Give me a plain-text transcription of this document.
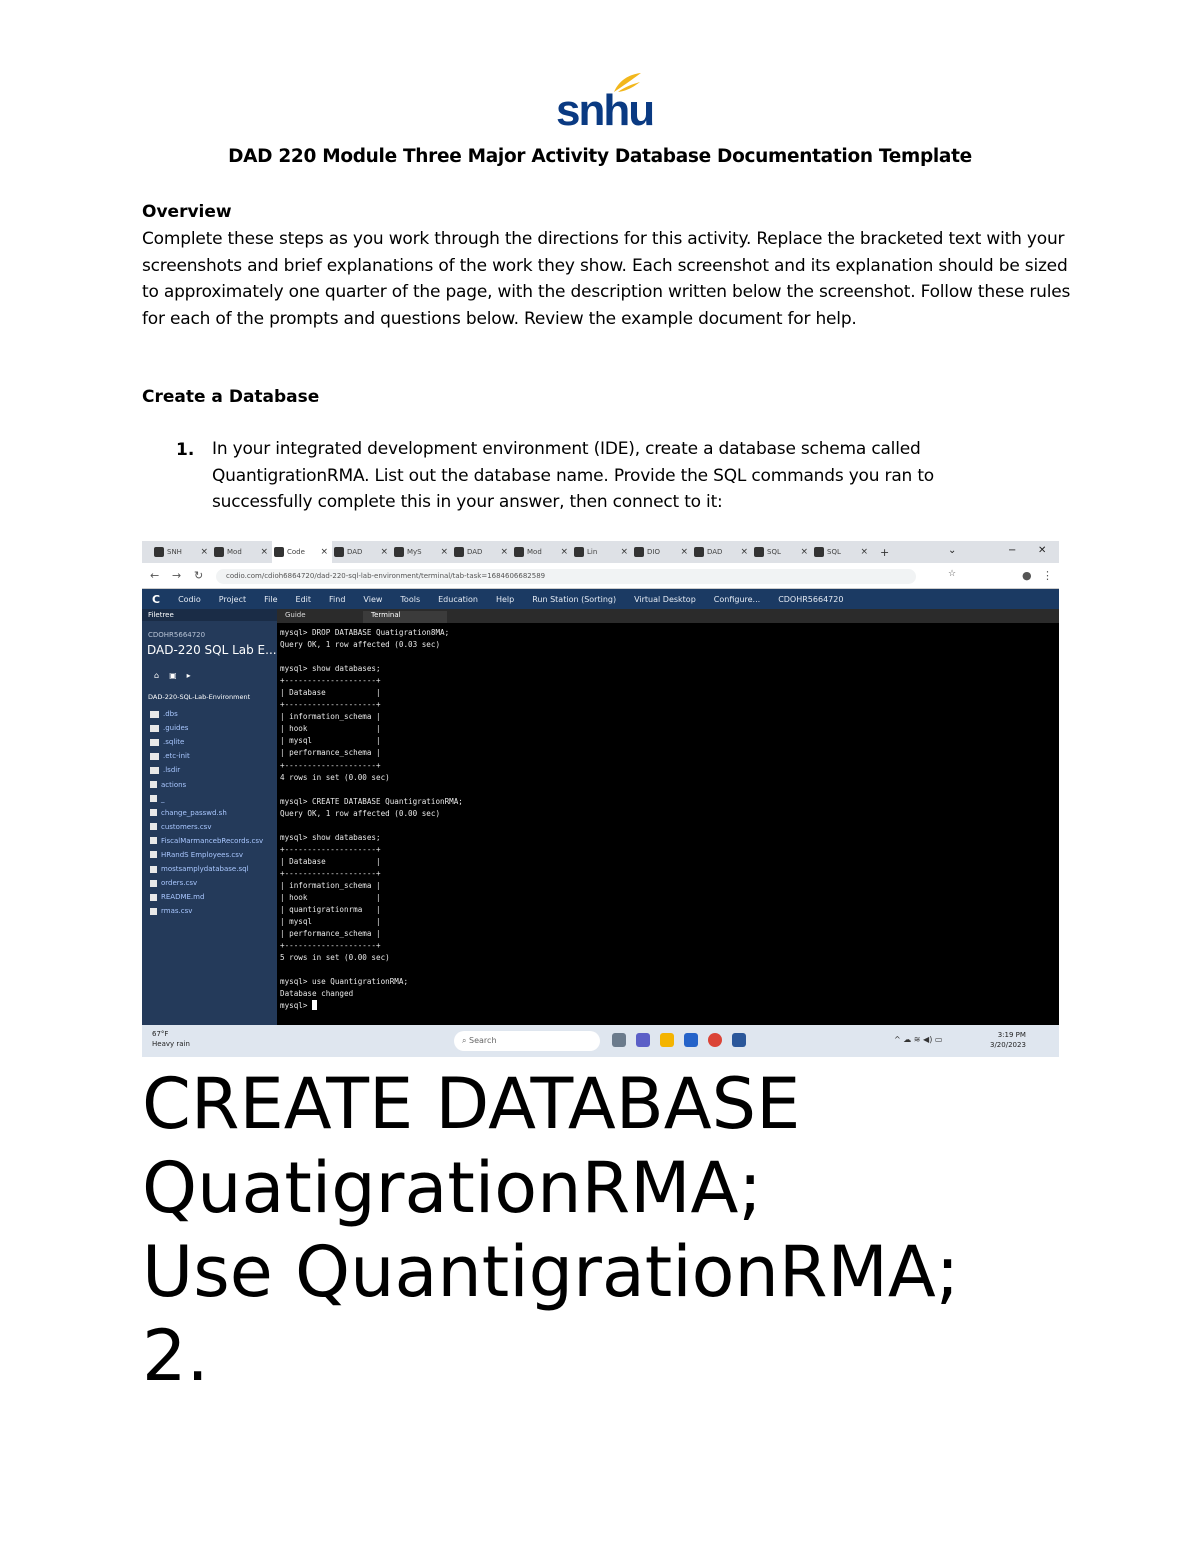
snhu
DAD 220 Module Three Major Activity Database Documentation Template
Overview
Complete these steps as you work through the directions for this activity. Replace the bracketed text with your screenshots and brief explanations of the work they show. Each screenshot and its explanation should be sized to approximately one quarter of the page, with the description written below the screenshot. Follow these rules for each of the prompts and questions below. Review the example document for help.
Create a Database
1. In your integrated development environment (IDE), create a database schema called QuantigrationRMA. List out the database name. Provide the SQL commands you ran to successfully complete this in your answer, then connect to it:
SNH ×	Mod ×	Code ×	DAD ×	MyS ×	DAD ×	Mod ×	Lin	×	DIO ×	DAD ×	SQL ×	SQL × +	⌄	− ✕
← → ↻	codio.com/cdioh6864720/dad-220-sql-lab-environment/terminal/tab-task=1684606682589	☆	● ⋮
C Codio Project File Edit Find View Tools Education Help Run Station (Sorting) Virtual Desktop Configure... CDOHR5664720
Filetree
CDOHR5664720
DAD-220 SQL Lab E...
⌂▣▸
DAD-220-SQL-Lab-Environment
.dbs
.guides
.sqlite
.etc-init
.lsdir
actions
_
change_passwd.sh
customers.csv
FiscalMarmancebRecords.csv
HRandS Employees.csv
mostsamplydatabase.sql
orders.csv
README.md
rmas.csv
Guide	Terminal
mysql> DROP DATABASE Quatigration8MA;
Query OK, 1 row affected (0.03 sec)
mysql> show databases;
+--------------------+
| Database           |
+--------------------+
| information_schema |
| hook               |
| mysql              |
| performance_schema |
+--------------------+
4 rows in set (0.00 sec)
mysql> CREATE DATABASE QuantigrationRMA;
Query OK, 1 row affected (0.00 sec)
mysql> show databases;
+--------------------+
| Database           |
+--------------------+
| information_schema |
| hook               |
| quantigrationrma   |
| mysql              |
| performance_schema |
+--------------------+
5 rows in set (0.00 sec)
mysql> use QuantigrationRMA;
Database changed
mysql>
67°F
Heavy rain	⌕ Search	^ ☁ ≋ ◀) ▭	3:19 PM
3/20/2023
CREATE DATABASE
QuatigrationRMA;
Use QuantigrationRMA;
2.
